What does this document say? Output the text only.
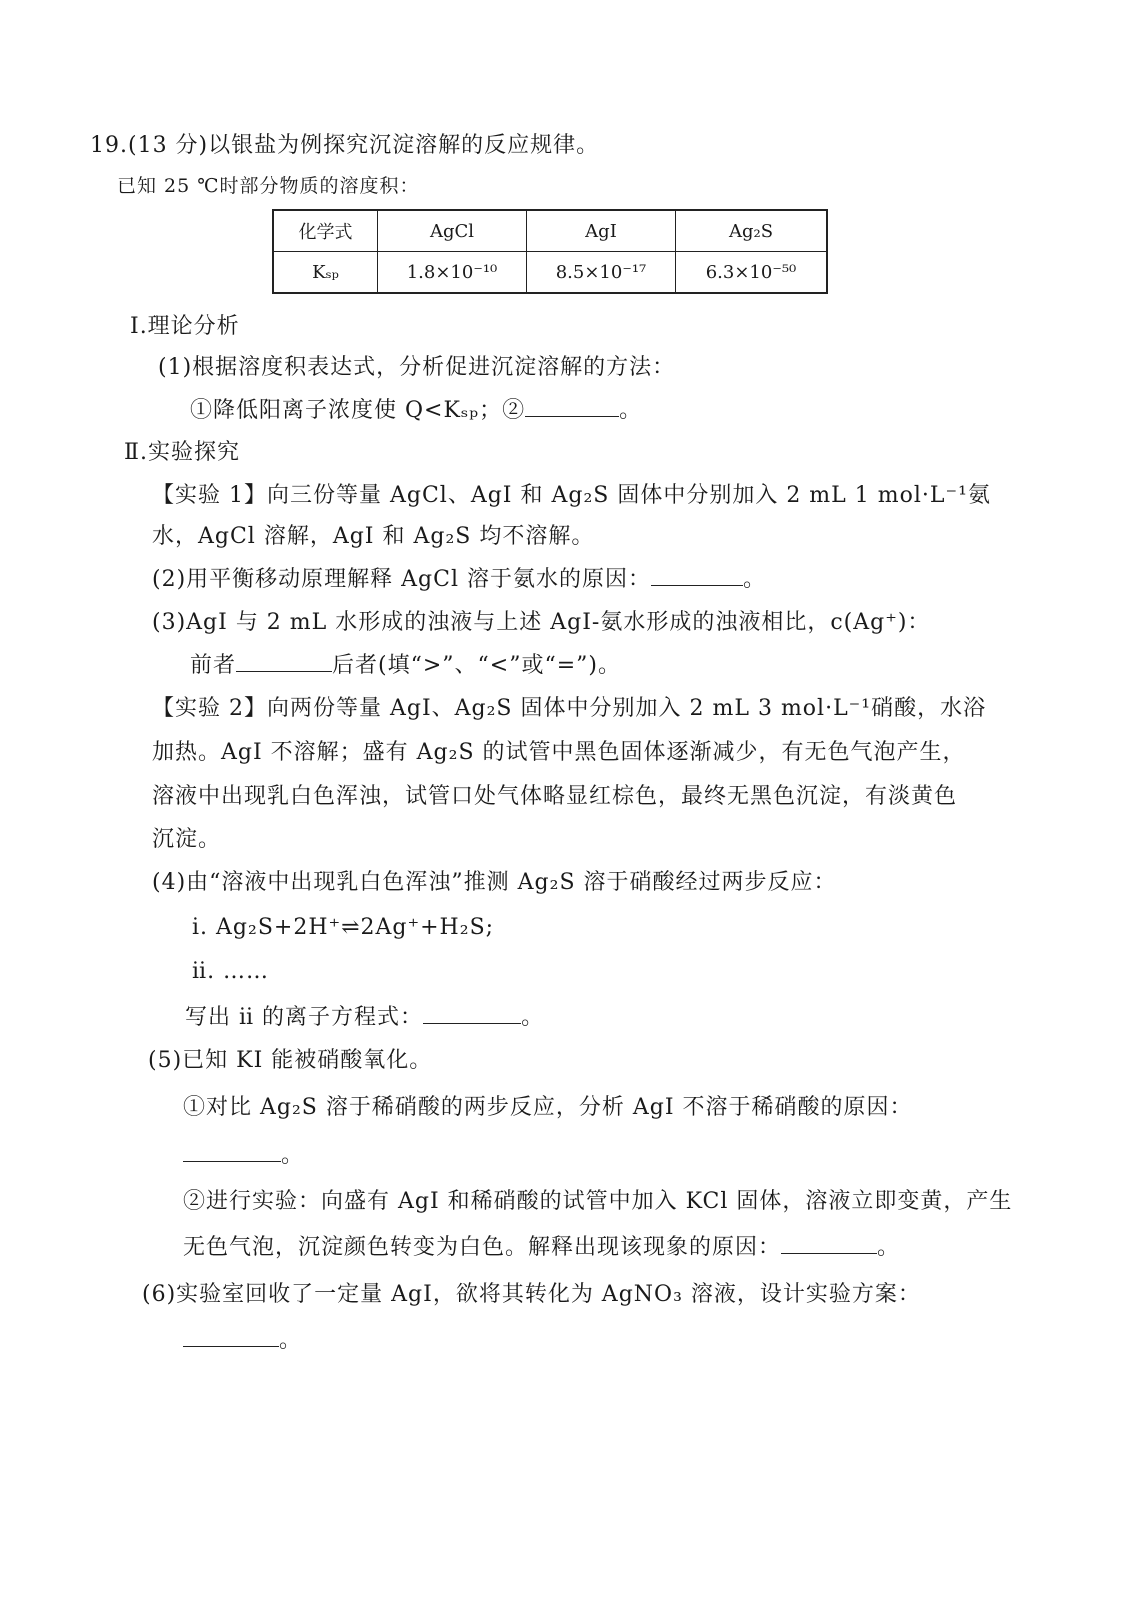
19.(13 分)以银盐为例探究沉淀溶解的反应规律。
已知 25 ℃时部分物质的溶度积：
化学式	AgCl	AgI	Ag₂S
Kₛₚ	1.8×10⁻¹⁰	8.5×10⁻¹⁷	6.3×10⁻⁵⁰
Ⅰ.理论分析
(1)根据溶度积表达式，分析促进沉淀溶解的方法：
①降低阳离子浓度使 Q<Kₛₚ；②	。
Ⅱ.实验探究
【实验 1】向三份等量 AgCl、AgI 和 Ag₂S 固体中分别加入 2 mL 1 mol·L⁻¹氨
水，AgCl 溶解，AgI 和 Ag₂S 均不溶解。
(2)用平衡移动原理解释 AgCl 溶于氨水的原因：	。
(3)AgI 与 2 mL 水形成的浊液与上述 AgI-氨水形成的浊液相比，c(Ag⁺)：
前者	后者(填“>”、“<”或“=”)。
【实验 2】向两份等量 AgI、Ag₂S 固体中分别加入 2 mL 3 mol·L⁻¹硝酸，水浴
加热。AgI 不溶解；盛有 Ag₂S 的试管中黑色固体逐渐减少，有无色气泡产生，
溶液中出现乳白色浑浊，试管口处气体略显红棕色，最终无黑色沉淀，有淡黄色
沉淀。
(4)由“溶液中出现乳白色浑浊”推测 Ag₂S 溶于硝酸经过两步反应：
ⅰ. Ag₂S+2H⁺⇌2Ag⁺+H₂S;
ⅱ. ……
写出 ⅱ 的离子方程式：	。
(5)已知 KI 能被硝酸氧化。
①对比 Ag₂S 溶于稀硝酸的两步反应，分析 AgI 不溶于稀硝酸的原因：
。
②进行实验：向盛有 AgI 和稀硝酸的试管中加入 KCl 固体，溶液立即变黄，产生
无色气泡，沉淀颜色转变为白色。解释出现该现象的原因：	。
(6)实验室回收了一定量 AgI，欲将其转化为 AgNO₃ 溶液，设计实验方案：
。
